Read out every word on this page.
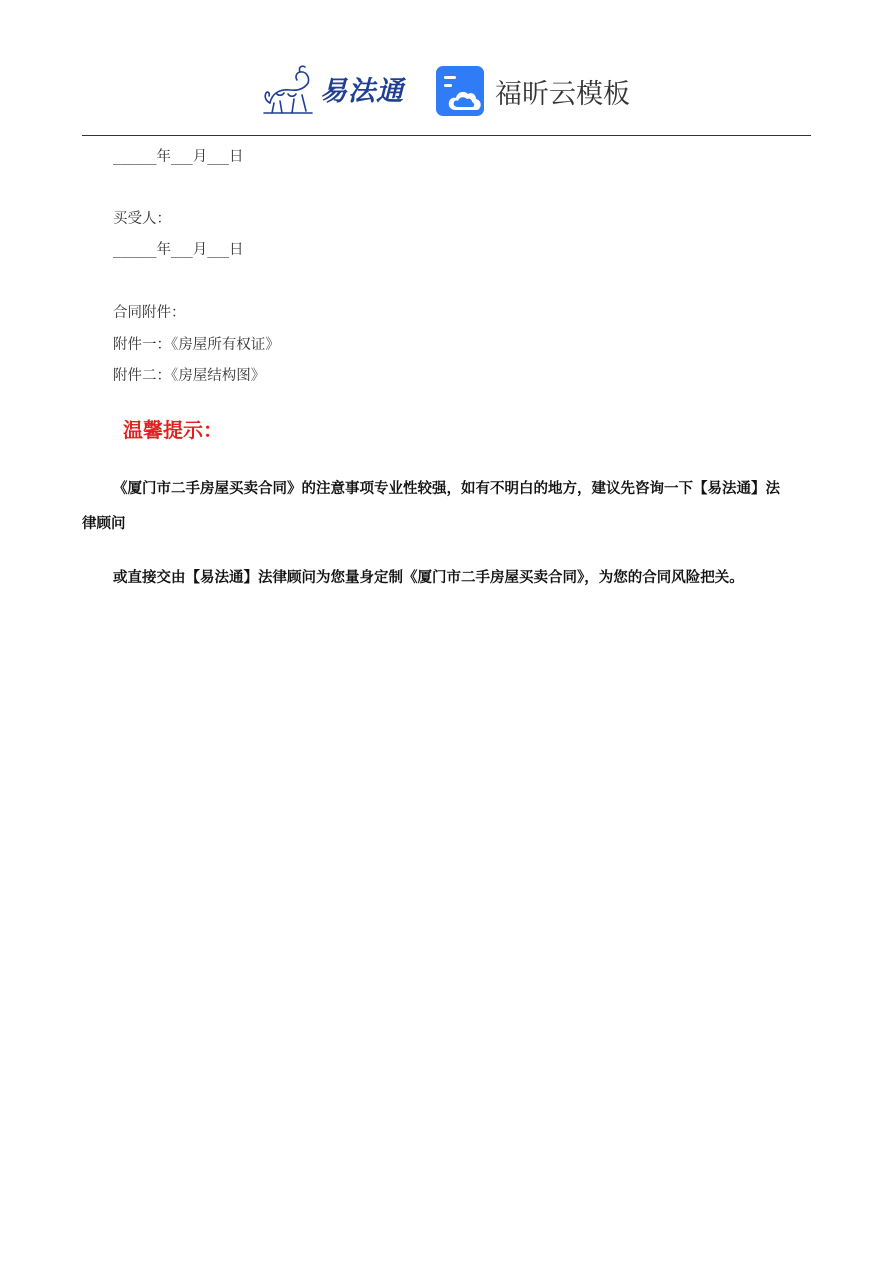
易法通	福昕云模板
______年___月___日
买受人：
______年___月___日
合同附件：
附件一：《房屋所有权证》
附件二：《房屋结构图》
温馨提示：
《厦门市二手房屋买卖合同》的注意事项专业性较强，如有不明白的地方，建议先咨询一下【易法通】法
律顾问
或直接交由【易法通】法律顾问为您量身定制《厦门市二手房屋买卖合同》，为您的合同风险把关。
